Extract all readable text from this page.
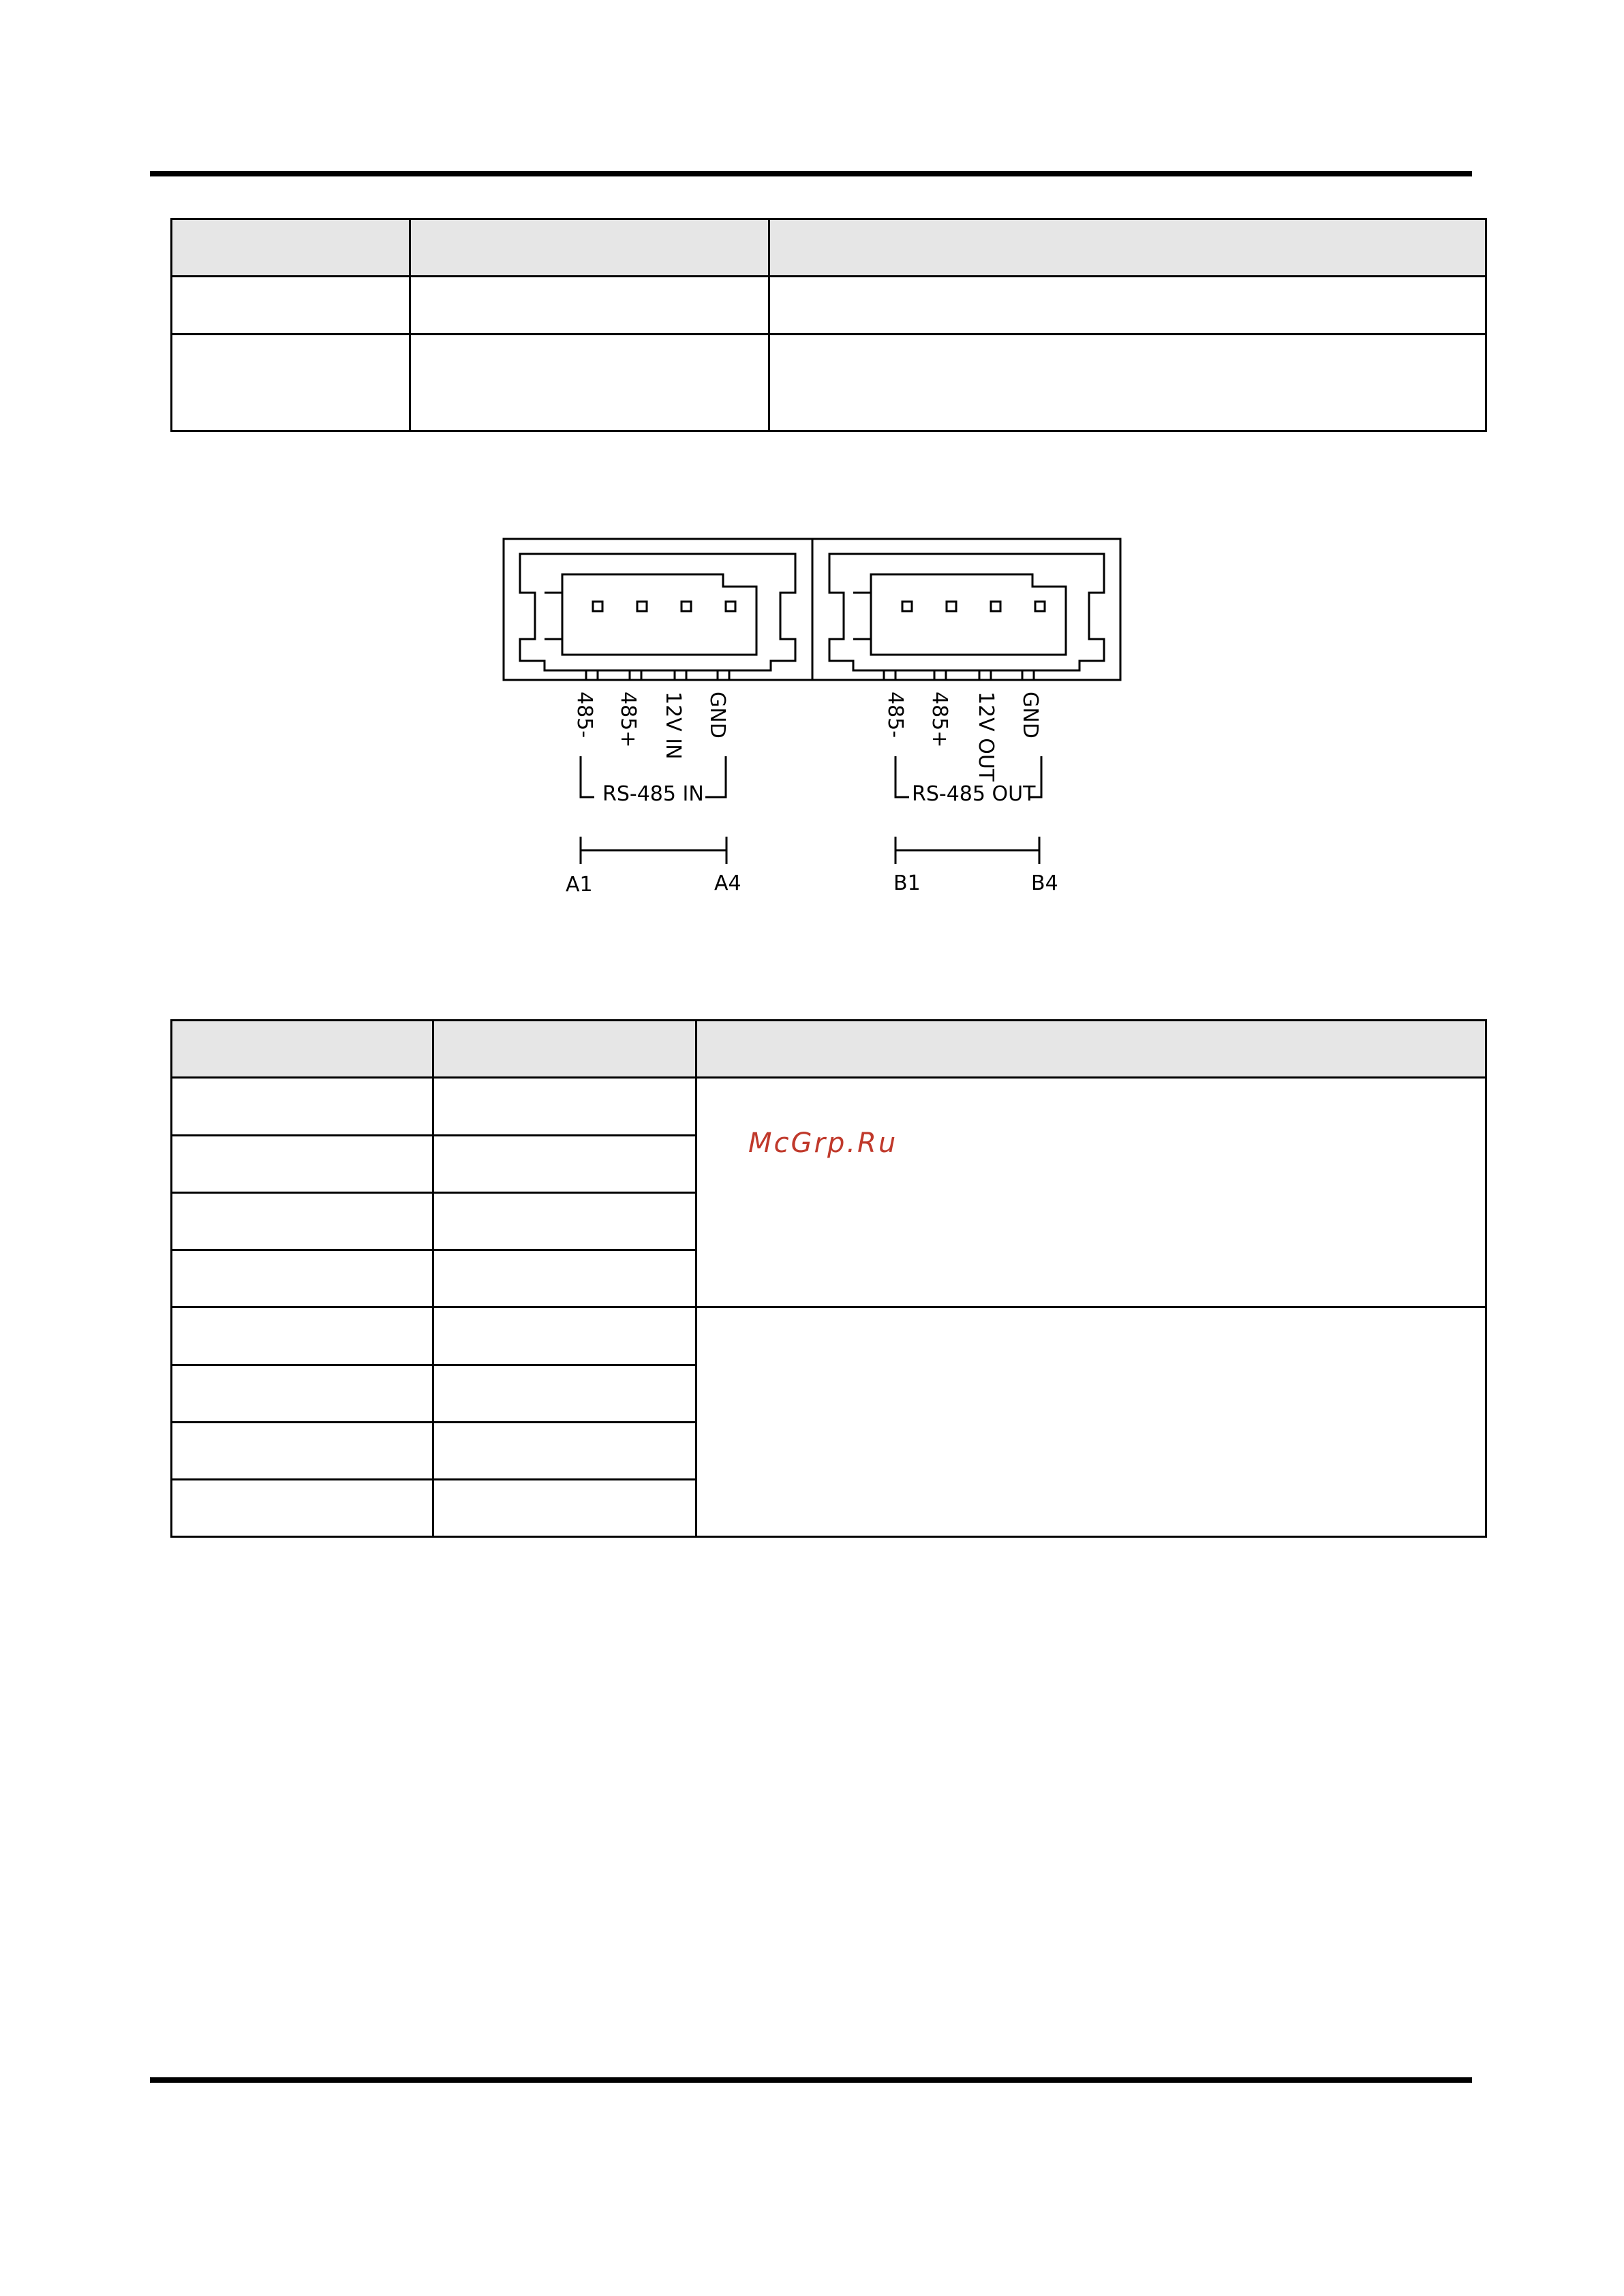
485- 485+ 12V IN GND	485- 485+ 12V OUT GND
RS-485 IN	RS-485 OUT
A1	A4	B1	B4

McGrp.Ru
